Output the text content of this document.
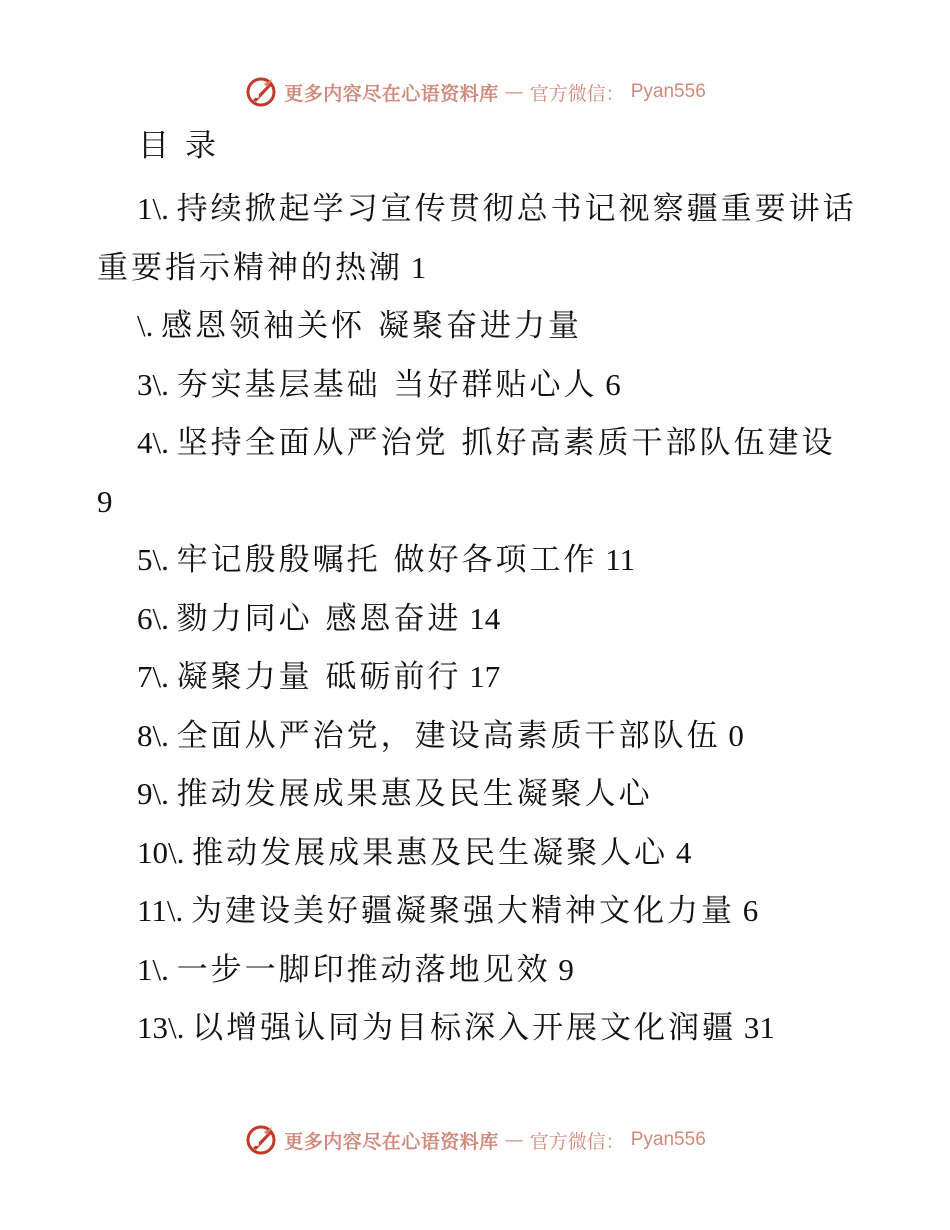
更多内容尽在心语资料库 — 官方微信： Pyan556
目录

1\. 持续掀起学习宣传贯彻总书记视察疆重要讲话重要指示精神的热潮 1

\. 感恩领袖关怀 凝聚奋进力量

3\. 夯实基层基础 当好群贴心人 6

4\. 坚持全面从严治党 抓好高素质干部队伍建设 9

5\. 牢记殷殷嘱托 做好各项工作 11

6\. 勠力同心 感恩奋进 14

7\. 凝聚力量 砥砺前行 17

8\. 全面从严治党，建设高素质干部队伍 0

9\. 推动发展成果惠及民生凝聚人心

10\. 推动发展成果惠及民生凝聚人心 4

11\. 为建设美好疆凝聚强大精神文化力量 6

1\. 一步一脚印推动落地见效 9

13\. 以增强认同为目标深入开展文化润疆 31

更多内容尽在心语资料库 — 官方微信： Pyan556
